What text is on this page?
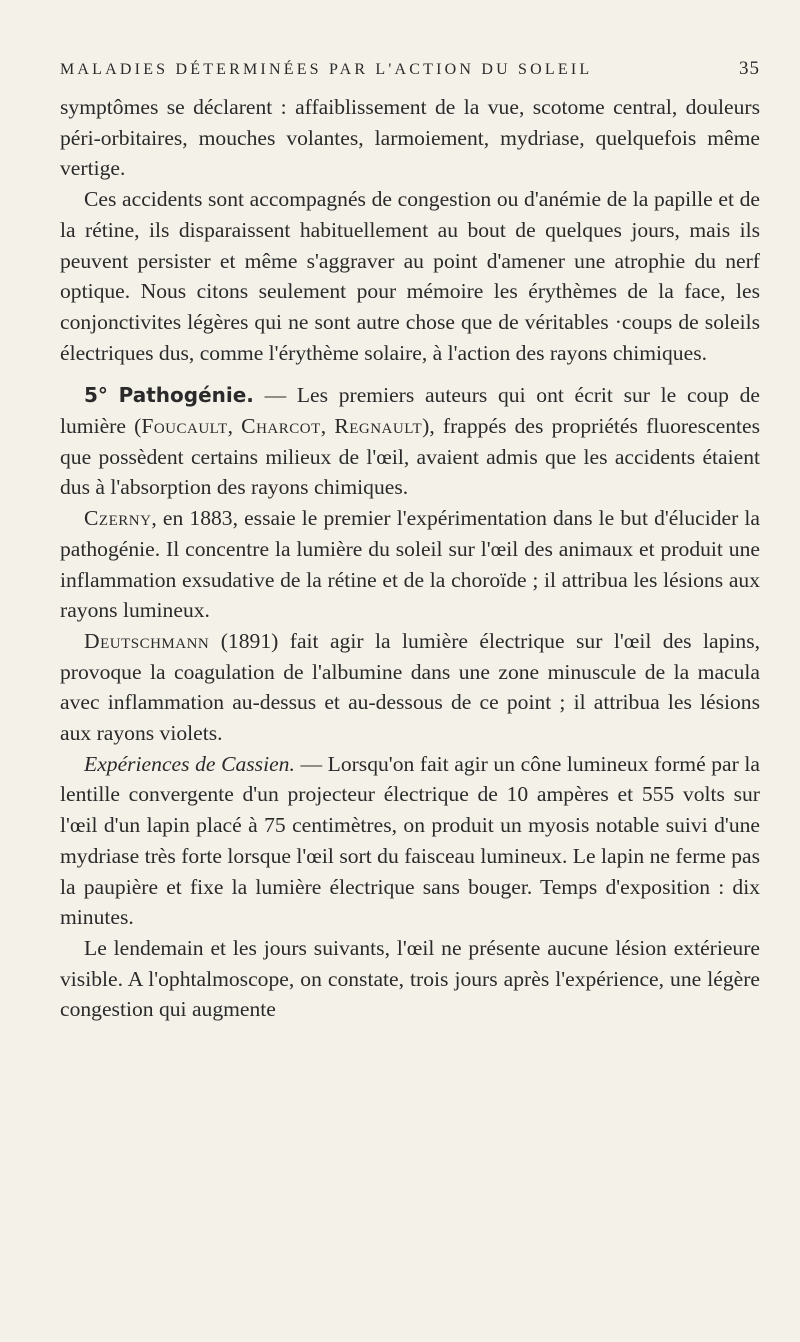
MALADIES DÉTERMINÉES PAR L'ACTION DU SOLEIL	35

symptômes se déclarent : affaiblissement de la vue, scotome central, douleurs péri-orbitaires, mouches volantes, larmoiement, mydriase, quelquefois même vertige.

Ces accidents sont accompagnés de congestion ou d'anémie de la papille et de la rétine, ils disparaissent habituellement au bout de quelques jours, mais ils peuvent persister et même s'aggraver au point d'amener une atrophie du nerf optique. Nous citons seulement pour mémoire les érythèmes de la face, les conjonctivites légères qui ne sont autre chose que de véritables ·coups de soleils électriques dus, comme l'érythème solaire, à l'action des rayons chimiques.

5° Pathogénie. — Les premiers auteurs qui ont écrit sur le coup de lumière (Foucault, Charcot, Regnault), frappés des propriétés fluorescentes que possèdent certains milieux de l'œil, avaient admis que les accidents étaient dus à l'absorption des rayons chimiques.

Czerny, en 1883, essaie le premier l'expérimentation dans le but d'élucider la pathogénie. Il concentre la lumière du soleil sur l'œil des animaux et produit une inflammation exsudative de la rétine et de la choroïde ; il attribua les lésions aux rayons lumineux.

Deutschmann (1891) fait agir la lumière électrique sur l'œil des lapins, provoque la coagulation de l'albumine dans une zone minuscule de la macula avec inflammation au-dessus et au-dessous de ce point ; il attribua les lésions aux rayons violets.

Expériences de Cassien. — Lorsqu'on fait agir un cône lumineux formé par la lentille convergente d'un projecteur électrique de 10 ampères et 555 volts sur l'œil d'un lapin placé à 75 centimètres, on produit un myosis notable suivi d'une mydriase très forte lorsque l'œil sort du faisceau lumineux. Le lapin ne ferme pas la paupière et fixe la lumière électrique sans bouger. Temps d'exposition : dix minutes.

Le lendemain et les jours suivants, l'œil ne présente aucune lésion extérieure visible. A l'ophtalmoscope, on constate, trois jours après l'expérience, une légère congestion qui augmente
